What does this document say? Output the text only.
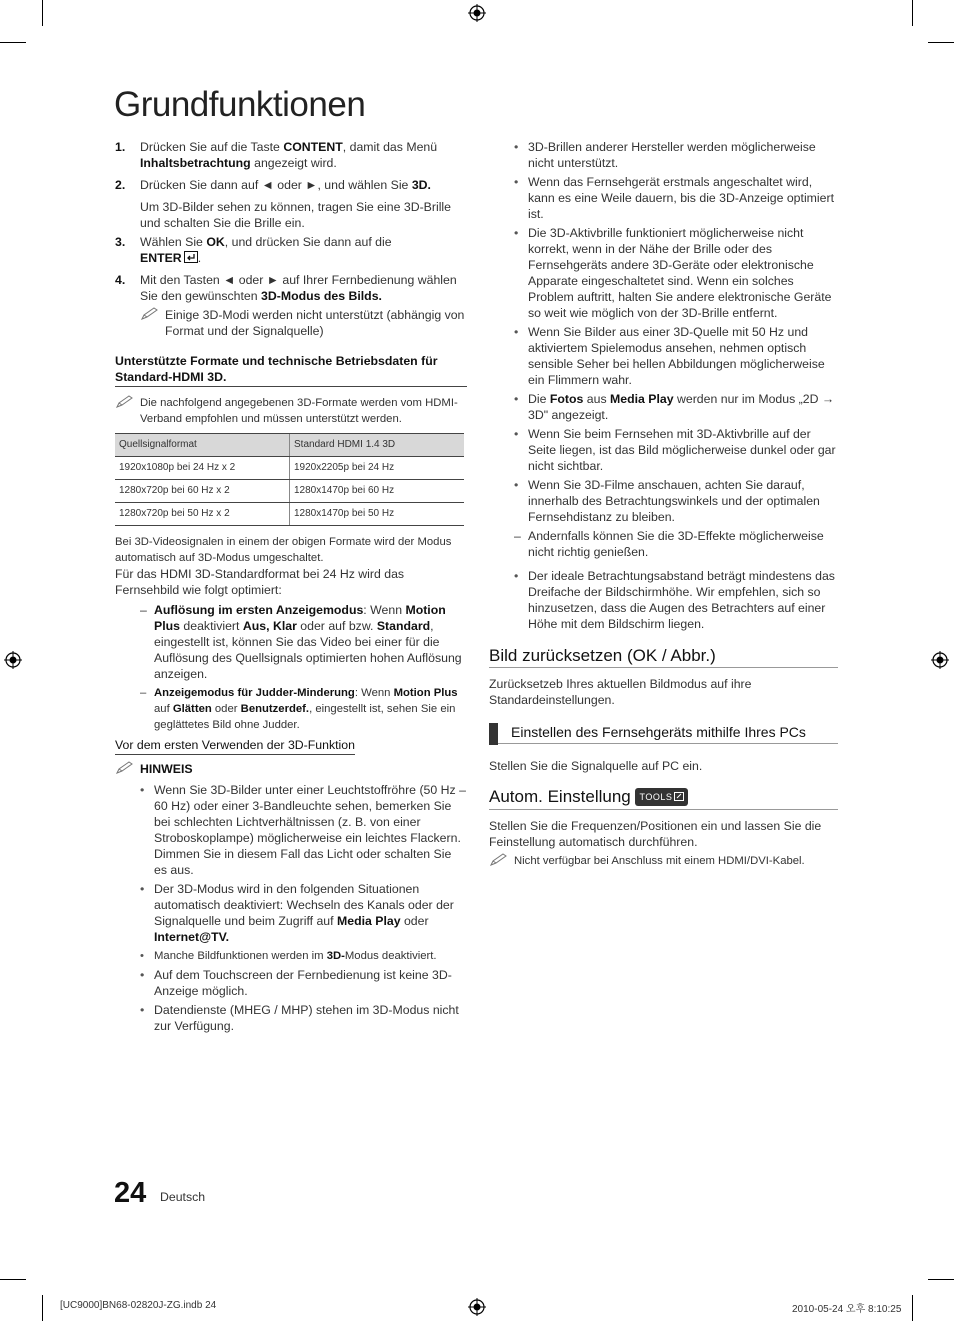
Grundfunktionen
1. Drücken Sie auf die Taste CONTENT, damit das Menü Inhaltsbetrachtung angezeigt wird.
2. Drücken Sie dann auf ◄ oder ►, und wählen Sie 3D.
Um 3D-Bilder sehen zu können, tragen Sie eine 3D-Brille und schalten Sie die Brille ein.
3. Wählen Sie OK, und drücken Sie dann auf die
ENTER .
4. Mit den Tasten ◄ oder ► auf Ihrer Fernbedienung wählen Sie den gewünschten 3D-Modus des Bilds.
Einige 3D-Modi werden nicht unterstützt (abhängig von Format und der Signalquelle)
Unterstützte Formate und technische Betriebsdaten für Standard-HDMI 3D.
Die nachfolgend angegebenen 3D-Formate werden vom HDMI-Verband empfohlen und müssen unterstützt werden.
Quellsignalformat	Standard HDMI 1.4 3D
1920x1080p bei 24 Hz x 2	1920x2205p bei 24 Hz
1280x720p bei 60 Hz x 2	1280x1470p bei 60 Hz
1280x720p bei 50 Hz x 2	1280x1470p bei 50 Hz
Bei 3D-Videosignalen in einem der obigen Formate wird der Modus automatisch auf 3D-Modus umgeschaltet.
Für das HDMI 3D-Standardformat bei 24 Hz wird das Fernsehbild wie folgt optimiert:
– Auflösung im ersten Anzeigemodus: Wenn Motion Plus deaktiviert Aus, Klar oder auf bzw. Standard, eingestellt ist, können Sie das Video bei einer für die Auflösung des Quellsignals optimierten hohen Auflösung anzeigen.
– Anzeigemodus für Judder-Minderung: Wenn Motion Plus auf Glätten oder Benutzerdef., eingestellt ist, sehen Sie ein geglättetes Bild ohne Judder.
Vor dem ersten Verwenden der 3D-Funktion
HINWEIS
• Wenn Sie 3D-Bilder unter einer Leuchtstoffröhre (50 Hz – 60 Hz) oder einer 3-Bandleuchte sehen, bemerken Sie bei schlechten Lichtverhältnissen (z. B. von einer Stroboskoplampe) möglicherweise ein leichtes Flackern. Dimmen Sie in diesem Fall das Licht oder schalten Sie es aus.
• Der 3D-Modus wird in den folgenden Situationen automatisch deaktiviert: Wechseln des Kanals oder der Signalquelle und beim Zugriff auf Media Play oder Internet@TV.
• Manche Bildfunktionen werden im 3D-Modus deaktiviert.
• Auf dem Touchscreen der Fernbedienung ist keine 3D-Anzeige möglich.
• Datendienste (MHEG / MHP) stehen im 3D-Modus nicht zur Verfügung.
• 3D-Brillen anderer Hersteller werden möglicherweise nicht unterstützt.
• Wenn das Fernsehgerät erstmals angeschaltet wird, kann es eine Weile dauern, bis die 3D-Anzeige optimiert ist.
• Die 3D-Aktivbrille funktioniert möglicherweise nicht korrekt, wenn in der Nähe der Brille oder des Fernsehgeräts andere 3D-Geräte oder elektronische Apparate eingeschaltetet sind. Wenn ein solches Problem auftritt, halten Sie andere elektronische Geräte so weit wie möglich von der 3D-Brille entfernt.
• Wenn Sie Bilder aus einer 3D-Quelle mit 50 Hz und aktiviertem Spielemodus ansehen, nehmen optisch sensible Seher bei hellen Abbildungen möglicherweise ein Flimmern wahr.
• Die Fotos aus Media Play werden nur im Modus „2D → 3D" angezeigt.
• Wenn Sie beim Fernsehen mit 3D-Aktivbrille auf der Seite liegen, ist das Bild möglicherweise dunkel oder gar nicht sichtbar.
• Wenn Sie 3D-Filme anschauen, achten Sie darauf, innerhalb des Betrachtungswinkels und der optimalen Fernsehdistanz zu bleiben.
– Andernfalls können Sie die 3D-Effekte möglicherweise nicht richtig genießen.
• Der ideale Betrachtungsabstand beträgt mindestens das Dreifache der Bildschirmhöhe. Wir empfehlen, sich so hinzusetzen, dass die Augen des Betrachters auf einer Höhe mit dem Bildschirm liegen.
Bild zurücksetzen (OK / Abbr.)
Zurücksetzeb Ihres aktuellen Bildmodus auf ihre Standardeinstellungen.
Einstellen des Fernsehgeräts mithilfe Ihres PCs
Stellen Sie die Signalquelle auf PC ein.
Autom. Einstellung TOOLS
Stellen Sie die Frequenzen/Positionen ein und lassen Sie die Feinstellung automatisch durchführen.
Nicht verfügbar bei Anschluss mit einem HDMI/DVI-Kabel.
24 Deutsch
[UC9000]BN68-02820J-ZG.indb 24	2010-05-24 오후 8:10:25
